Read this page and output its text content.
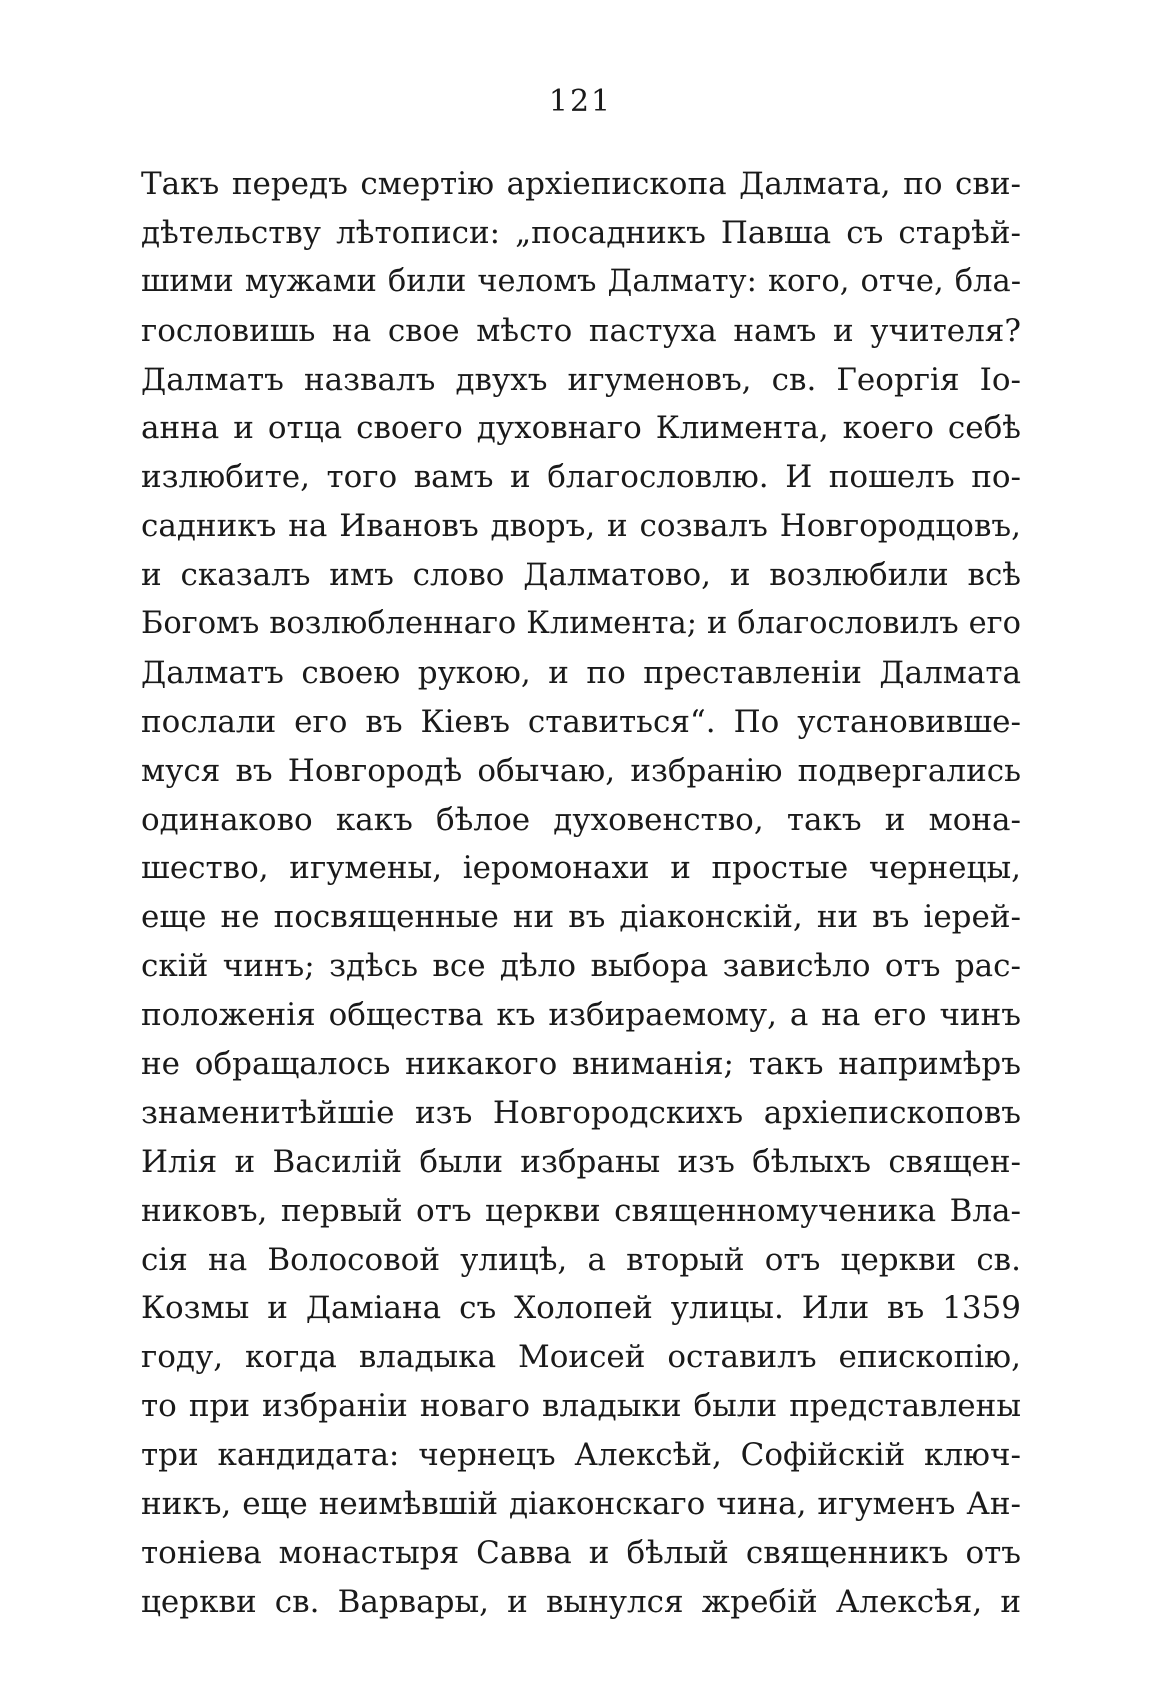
121
Такъ передъ смертію архіепископа Далмата, по сви-
дѣтельству лѣтописи: „посадникъ Павша съ старѣй-
шими мужами били челомъ Далмату: кого, отче, бла-
гословишь на свое мѣсто пастуха намъ и учителя?
Далматъ назвалъ двухъ игуменовъ, св. Георгія Іо-
анна и отца своего духовнаго Климента, коего себѣ
излюбите, того вамъ и благословлю. И пошелъ по-
садникъ на Ивановъ дворъ, и созвалъ Новгородцовъ,
и сказалъ имъ слово Далматово, и возлюбили всѣ
Богомъ возлюбленнаго Климента; и благословилъ его
Далматъ своею рукою, и по преставленіи Далмата
послали его въ Кіевъ ставиться“. По установивше-
муся въ Новгородѣ обычаю, избранію подвергались
одинаково какъ бѣлое духовенство, такъ и мона-
шество, игумены, іеромонахи и простые чернецы,
еще не посвященные ни въ діаконскій, ни въ іерей-
скій чинъ; здѣсь все дѣло выбора зависѣло отъ рас-
положенія общества къ избираемому, а на его чинъ
не обращалось никакого вниманія; такъ напримѣръ
знаменитѣйшіе изъ Новгородскихъ архіепископовъ
Илія и Василій были избраны изъ бѣлыхъ священ-
никовъ, первый отъ церкви священномученика Вла-
сія на Волосовой улицѣ, а вторый отъ церкви св.
Козмы и Даміана съ Холопей улицы. Или въ 1359
году, когда владыка Моисей оставилъ епископію,
то при избраніи новаго владыки были представлены
три кандидата: чернецъ Алексѣй, Софійскій ключ-
никъ, еще неимѣвшій діаконскаго чина, игуменъ Ан-
тоніева монастыря Савва и бѣлый священникъ отъ
церкви св. Варвары, и вынулся жребій Алексѣя, и
